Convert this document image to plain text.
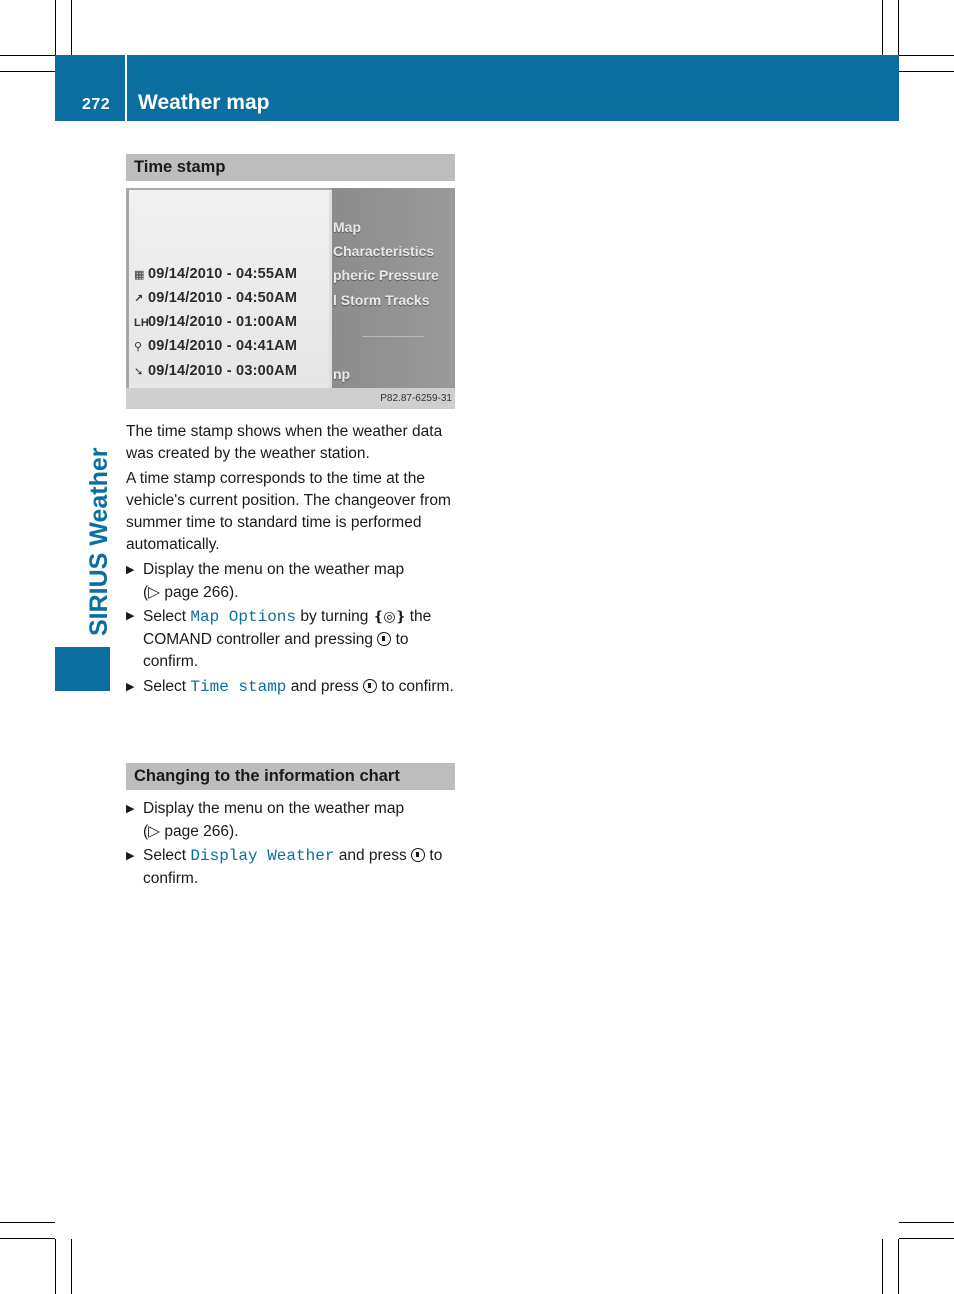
272 Weather map
SIRIUS Weather
Time stamp
▦ 09/14/2010 - 04:55AM
↗ 09/14/2010 - 04:50AM
LH09/14/2010 - 01:00AM
⚲ 09/14/2010 - 04:41AM
➘ 09/14/2010 - 03:00AM
Map
Characteristics
pheric Pressure
l Storm Tracks
np
P82.87-6259-31
The time stamp shows when the weather data was created by the weather station.
A time stamp corresponds to the time at the vehicle's current position. The changeover from summer time to standard time is performed automatically.
▶ Display the menu on the weather map
(▷ page 266).
▶ Select Map Options by turning ❴◎❵ the COMAND controller and pressing  to confirm.
▶ Select Time stamp and press  to confirm.
Changing to the information chart
▶ Display the menu on the weather map
(▷ page 266).
▶ Select Display Weather and press  to confirm.
